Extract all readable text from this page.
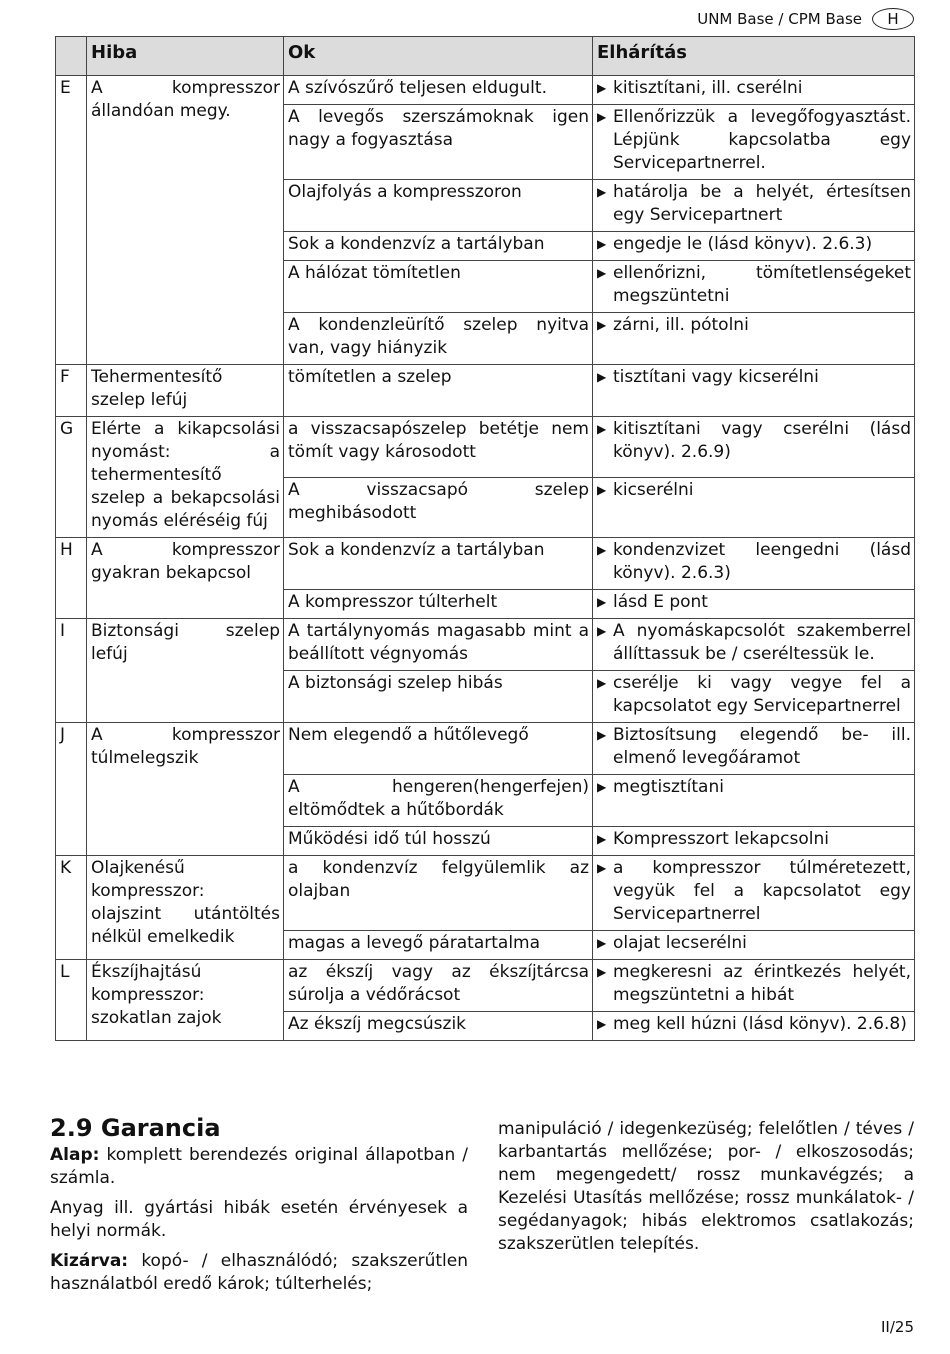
UNM Base / CPM Base	H
	Hiba	Ok	Elhárítás
E	A kompresszor állandóan megy.	A szívószűrő teljesen eldugult.	▶ kitisztítani, ill. cserélni

		A levegős szerszámoknak igen nagy a fogyasztása	▶ Ellenőrizzük a levegőfogyasztást. Lépjünk kapcsolatba egy Servicepartnerrel.

		Olajfolyás a kompresszoron	▶ határolja be a helyét, értesítsen egy Servicepartnert

		Sok a kondenzvíz a tartályban	▶ engedje le (lásd könyv). 2.6.3)

		A hálózat tömítetlen	▶ ellenőrizni, tömítetlenségeket megszüntetni

		A kondenzleürítő szelep nyitva van, vagy hiányzik	▶ zárni, ill. pótolni

F	Tehermentesítő szelep lefúj	tömítetlen a szelep	▶ tisztítani vagy kicserélni

G	Elérte a kikapcsolási nyomást: a tehermentesítő szelep a bekapcsolási nyomás eléréséig fúj	a visszacsapószelep betétje nem tömít vagy károsodott	▶ kitisztítani vagy cserélni (lásd könyv). 2.6.9)

		A visszacsapó szelep meghibásodott	▶ kicserélni

H	A kompresszor gyakran bekapcsol	Sok a kondenzvíz a tartályban	▶ kondenzvizet leengedni (lásd könyv). 2.6.3)

		A kompresszor túlterhelt	▶ lásd E pont

I	Biztonsági szelep lefúj	A tartálynyomás magasabb mint a beállított végnyomás	▶ A nyomáskapcsolót szakemberrel állíttassuk be / cseréltessük le.

		A biztonsági szelep hibás	▶ cserélje ki vagy vegye fel a kapcsolatot egy Servicepartnerrel

J	A kompresszor túlmelegszik	Nem elegendő a hűtőlevegő	▶ Biztosítsung elegendő be- ill. elmenő levegőáramot

		A hengeren(hengerfejen) eltömődtek a hűtőbordák	▶ megtisztítani

		Működési idő túl hosszú	▶ Kompresszort lekapcsolni

K	Olajkenésű kompresszor: olajszint utántöltés nélkül emelkedik	a kondenzvíz felgyülemlik az olajban	▶ a kompresszor túlméretezett, vegyük fel a kapcsolatot egy Servicepartnerrel

		magas a levegő páratartalma	▶ olajat lecserélni

L	Ékszíjhajtású kompresszor: szokatlan zajok	az ékszíj vagy az ékszíjtárcsa súrolja a védőrácsot	▶ megkeresni az érintkezés helyét, megszüntetni a hibát

		Az ékszíj megcsúszik	▶ meg kell húzni (lásd könyv). 2.6.8)
2.9 Garancia

Alap: komplett berendezés original állapotban / számla.

Anyag ill. gyártási hibák esetén érvényesek a helyi normák.

Kizárva: kopó- / elhasználódó; szakszerűtlen használatból eredő károk; túlterhelés;

manipuláció / idegenkezüség; felelőtlen / téves / karbantartás mellőzése; por- / elkoszosodás; nem megengedett/ rossz munkavégzés; a Kezelési Utasítás mellőzése; rossz munkálatok- / segédanyagok; hibás elektromos csatlakozás; szakszerütlen telepítés.
II/25
